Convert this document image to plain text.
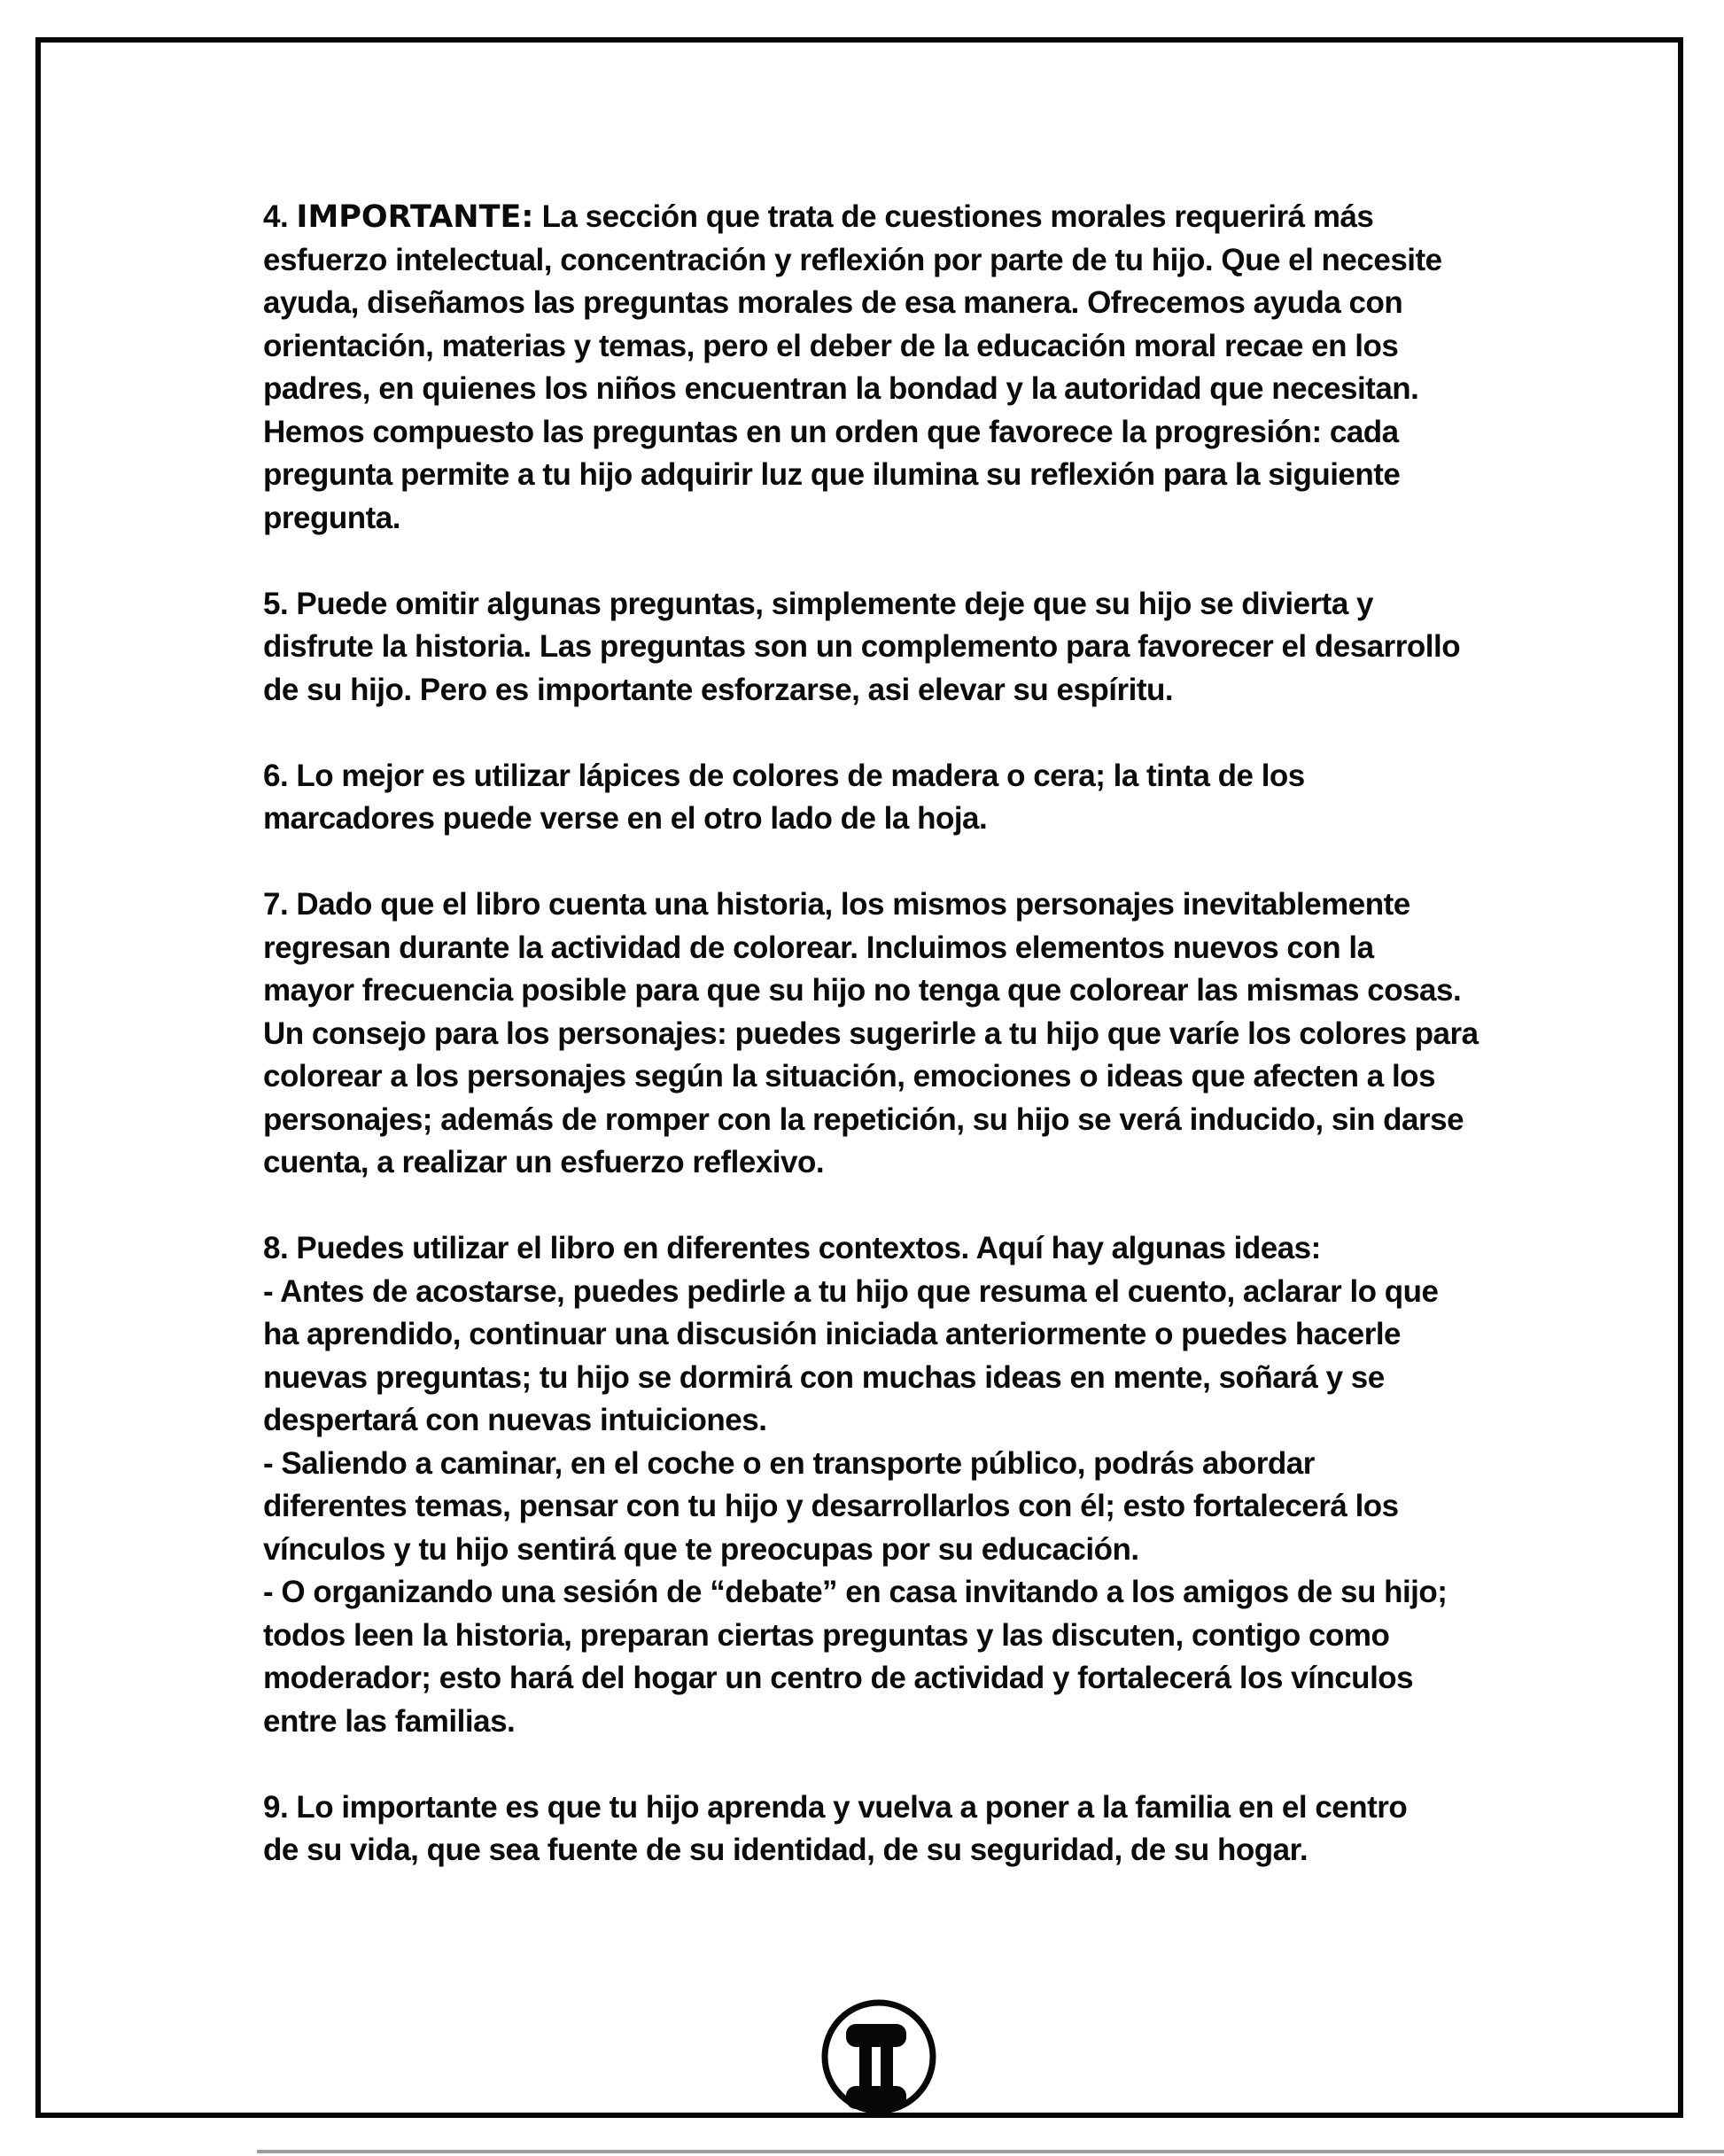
4. IMPORTANTE: La sección que trata de cuestiones morales requerirá más
esfuerzo intelectual, concentración y reflexión por parte de tu hijo. Que el necesite
ayuda, diseñamos las preguntas morales de esa manera. Ofrecemos ayuda con
orientación, materias y temas, pero el deber de la educación moral recae en los
padres, en quienes los niños encuentran la bondad y la autoridad que necesitan.
Hemos compuesto las preguntas en un orden que favorece la progresión: cada
pregunta permite a tu hijo adquirir luz que ilumina su reflexión para la siguiente
pregunta.

5. Puede omitir algunas preguntas, simplemente deje que su hijo se divierta y
disfrute la historia. Las preguntas son un complemento para favorecer el desarrollo
de su hijo. Pero es importante esforzarse, asi elevar su espíritu.

6. Lo mejor es utilizar lápices de colores de madera o cera; la tinta de los
marcadores puede verse en el otro lado de la hoja.

7. Dado que el libro cuenta una historia, los mismos personajes inevitablemente
regresan durante la actividad de colorear. Incluimos elementos nuevos con la
mayor frecuencia posible para que su hijo no tenga que colorear las mismas cosas.
Un consejo para los personajes: puedes sugerirle a tu hijo que varíe los colores para
colorear a los personajes según la situación, emociones o ideas que afecten a los
personajes; además de romper con la repetición, su hijo se verá inducido, sin darse
cuenta, a realizar un esfuerzo reflexivo.

8. Puedes utilizar el libro en diferentes contextos. Aquí hay algunas ideas:
- Antes de acostarse, puedes pedirle a tu hijo que resuma el cuento, aclarar lo que
ha aprendido, continuar una discusión iniciada anteriormente o puedes hacerle
nuevas preguntas; tu hijo se dormirá con muchas ideas en mente, soñará y se
despertará con nuevas intuiciones.
- Saliendo a caminar, en el coche o en transporte público, podrás abordar
diferentes temas, pensar con tu hijo y desarrollarlos con él; esto fortalecerá los
vínculos y tu hijo sentirá que te preocupas por su educación.
- O organizando una sesión de “debate” en casa invitando a los amigos de su hijo;
todos leen la historia, preparan ciertas preguntas y las discuten, contigo como
moderador; esto hará del hogar un centro de actividad y fortalecerá los vínculos
entre las familias.

9. Lo importante es que tu hijo aprenda y vuelva a poner a la familia en el centro
de su vida, que sea fuente de su identidad, de su seguridad, de su hogar.
